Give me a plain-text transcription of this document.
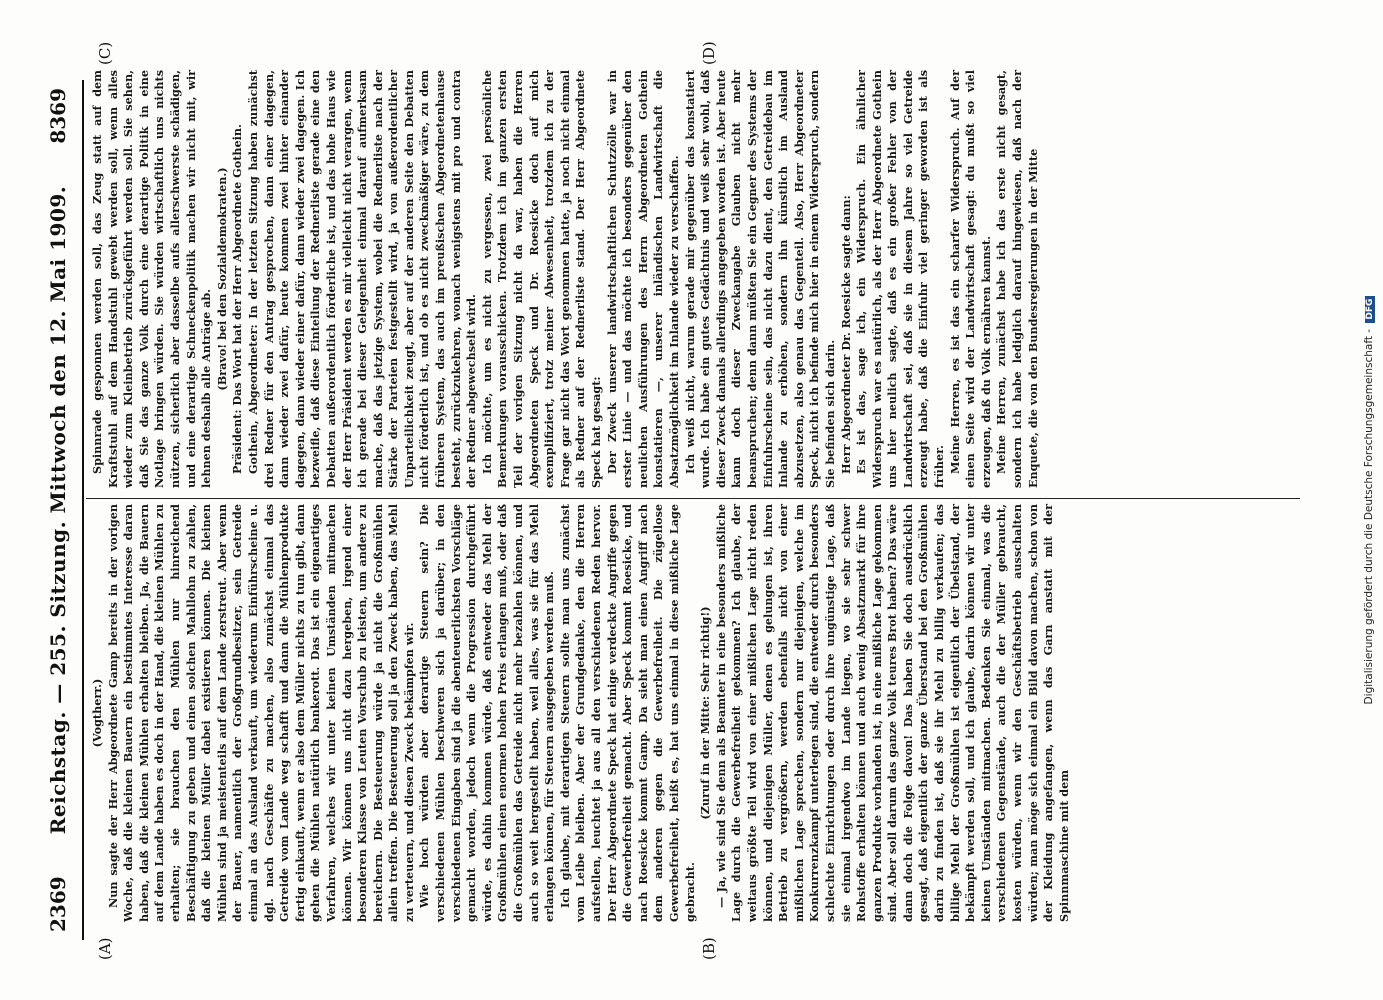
2369
Reichstag. — 255. Sitzung. Mittwoch den 12. Mai 1909.
8369
(A)	(B)
(C)	(D)

(Vogtherr.) Nun sagte der Herr Abgeordnete Gamp bereits in der vorigen Woche, daß die kleinen Bauern ein bestimmtes Interesse daran haben, daß die kleinen Mühlen erhalten bleiben. Ja, die Bauern auf dem Lande haben es doch in der Hand, die kleinen Mühlen zu erhalten; sie brauchen den Mühlen nur hinreichend Beschäftigung zu geben und einen solchen Mahllohn zu zahlen, daß die kleinen Müller dabei existieren können. Die kleinen Mühlen sind ja meistenteils auf dem Lande zerstreut. Aber wenn der Bauer, namentlich der Großgrundbesitzer, sein Getreide einmal an das Ausland verkauft, um wiederum Einführscheine u. dgl. nach Geschäfte zu machen, also zunächst einmal das Getreide vom Lande weg schafft und dann die Mühlenprodukte fertig einkauft, wenn er also dem Müller nichts zu tun gibt, dann gehen die Mühlen natürlich bankerott. Das ist ein eigenartiges Verfahren, welches wir unter keinen Umständen mitmachen können. Wir können uns nicht dazu hergeben, irgend einer besonderen Klasse von Leuten Vorschub zu leisten, um andere zu bereichern. Die Besteuerung würde ja nicht die Großmühlen allein treffen. Die Besteuerung soll ja den Zweck haben, das Mehl zu verteuern, und diesen Zweck bekämpfen wir. Wie hoch würden aber derartige Steuern sein? Die verschiedenen Mühlen beschweren sich ja darüber; in den verschiedenen Eingaben sind ja die abenteuerlichsten Vorschläge gemacht worden, jedoch wenn die Progression durchgeführt würde, es dahin kommen würde, daß entweder das Mehl der Großmühlen einen enormen hohen Preis erlangen muß, oder daß die Großmühlen das Getreide nicht mehr bezahlen können, und auch so weit hergestellt haben, weil alles, was sie für das Mehl erlangen können, für Steuern ausgegeben werden muß. Ich glaube, mit derartigen Steuern sollte man uns zunächst vom Leibe bleiben. Aber der Grundgedanke, den die Herren aufstellen, leuchtet ja aus all den verschiedenen Reden hervor. Der Herr Abgeordnete Speck hat einige verdeckte Angriffe gegen die Gewerbefreiheit gemacht. Aber Speck kommt Roesicke, und nach Roesicke kommt Gamp. Da sieht man einen Angriff nach dem anderen gegen die Gewerbefreiheit. Die zügellose Gewerbefreiheit, heißt es, hat uns einmal in diese mißliche Lage gebracht.

(Zuruf in der Mitte: Sehr richtig!) — Ja, wie sind Sie denn als Beamter in eine besonders mißliche Lage durch die Gewerbefreiheit gekommen? Ich glaube, der weitaus größte Teil wird von einer mißlichen Lage nicht reden können, und diejenigen Müller, denen es gelungen ist, ihren Betrieb zu vergrößern, werden ebenfalls nicht von einer mißlichen Lage sprechen, sondern nur diejenigen, welche im Konkurrenzkampf unterlegen sind, die entweder durch besonders schlechte Einrichtungen oder durch ihre ungünstige Lage, daß sie einmal irgendwo im Lande liegen, wo sie sehr schwer Rohstoffe erhalten können und auch wenig Absatzmarkt für ihre ganzen Produkte vorhanden ist, in eine mißliche Lage gekommen sind. Aber soll darum das ganze Volk teures Brot haben? Das wäre dann doch die Folge davon! Das haben Sie doch ausdrücklich gesagt, daß eigentlich der ganze Überstand bei den Großmühlen darin zu finden ist, daß sie ihr Mehl zu billig verkaufen; das billige Mehl der Großmühlen ist eigentlich der Übelstand, der bekämpft werden soll, und ich glaube, darin können wir unter keinen Umständen mitmachen. Bedenken Sie einmal, was die verschiedenen Gegenstände, auch die der Müller gebraucht, kosten würden, wenn wir den Geschäftsbetrieb ausschalten würden; man möge sich einmal ein Bild davon machen, schon von der Kleidung angefangen, wenn das Garn anstatt mit der Spinnmaschine mit dem

Spinnrade gesponnen werden soll, das Zeug statt auf dem Kraftstuhl auf dem Handstuhl gewebt werden soll, wenn alles wieder zum Kleinbetrieb zurückgeführt werden soll. Sie sehen, daß Sie das ganze Volk durch eine derartige Politik in eine Notlage bringen würden. Sie würden wirtschaftlich uns nichts nützen, sicherlich aber dasselbe aufs allerschwerste schädigen, und eine derartige Schneckenpolitik machen wir nicht mit, wir lehnen deshalb alle Anträge ab. (Bravo! bei den Sozialdemokraten.) Präsident: Das Wort hat der Herr Abgeordnete Gothein. Gothein, Abgeordneter: In der letzten Sitzung haben zunächst drei Redner für den Antrag gesprochen, dann einer dagegen, dann wieder zwei dafür, heute kommen zwei hinter einander dagegen, dann wieder einer dafür, dann wieder zwei dagegen. Ich bezweifle, daß diese Einteilung der Rednerliste gerade eine den Debatten außerordentlich förderliche ist, und das hohe Haus wie der Herr Präsident werden es mir vielleicht nicht verargen, wenn ich gerade bei dieser Gelegenheit einmal darauf aufmerksam mache, daß das jetzige System, wobei die Rednerliste nach der Stärke der Parteien festgestellt wird, ja von außerordentlicher Unparteilichkeit zeugt, aber auf der anderen Seite den Debatten nicht förderlich ist, und ob es nicht zweckmäßiger wäre, zu dem früheren System, das auch im preußischen Abgeordnetenhause besteht, zurückzukehren, wonach wenigstens mit pro und contra der Redner abgewechselt wird. Ich möchte, um es nicht zu vergessen, zwei persönliche Bemerkungen vorausschicken. Trotzdem ich im ganzen ersten Teil der vorigen Sitzung nicht da war, haben die Herren Abgeordneten Speck und Dr. Roesicke doch auf mich exemplifiziert, trotz meiner Abwesenheit, trotzdem ich zu der Frage gar nicht das Wort genommen hatte, ja noch nicht einmal als Redner auf der Rednerliste stand. Der Herr Abgeordnete Speck hat gesagt: Der Zweck unserer landwirtschaftlichen Schutzzölle war in erster Linie — und das möchte ich besonders gegenüber den neulichen Ausführungen des Herrn Abgeordneten Gothein konstatieren —, unserer inländischen Landwirtschaft die Absatzmöglichkeit im Inlande wieder zu verschaffen. Ich weiß nicht, warum gerade mir gegenüber das konstatiert wurde. Ich habe ein gutes Gedächtnis und weiß sehr wohl, daß dieser Zweck damals allerdings angegeben worden ist. Aber heute kann doch dieser Zweckangabe Glauben nicht mehr beanspruchen; denn dann müßten Sie ein Gegner des Systems der Einfuhrscheine sein, das nicht dazu dient, den Getreidebau im Inlande zu erhöhen, sondern ihn künstlich im Ausland abzusetzen, also genau das Gegenteil. Also, Herr Abgeordneter Speck, nicht ich befinde mich hier in einem Widerspruch, sondern Sie befinden sich darin. Herr Abgeordneter Dr. Roesicke sagte dann: Es ist das, sage ich, ein Widerspruch. Ein ähnlicher Widerspruch war es natürlich, als der Herr Abgeordnete Gothein uns hier neulich sagte, daß es ein großer Fehler von der Landwirtschaft sei, daß sie in diesem Jahre so viel Getreide erzeugt habe, daß die Einfuhr viel geringer geworden ist als früher. Meine Herren, es ist das ein scharfer Widerspruch. Auf der einen Seite wird der Landwirtschaft gesagt: du mußt so viel erzeugen, daß du Volk ernähren kannst. Meine Herren, zunächst habe ich das erste nicht gesagt, sondern ich habe lediglich darauf hingewiesen, daß nach der Enquete, die von den Bundesregierungen in der Mitte

Digitalisierung gefördert durch die Deutsche Forschungsgemeinschaft - DFG
